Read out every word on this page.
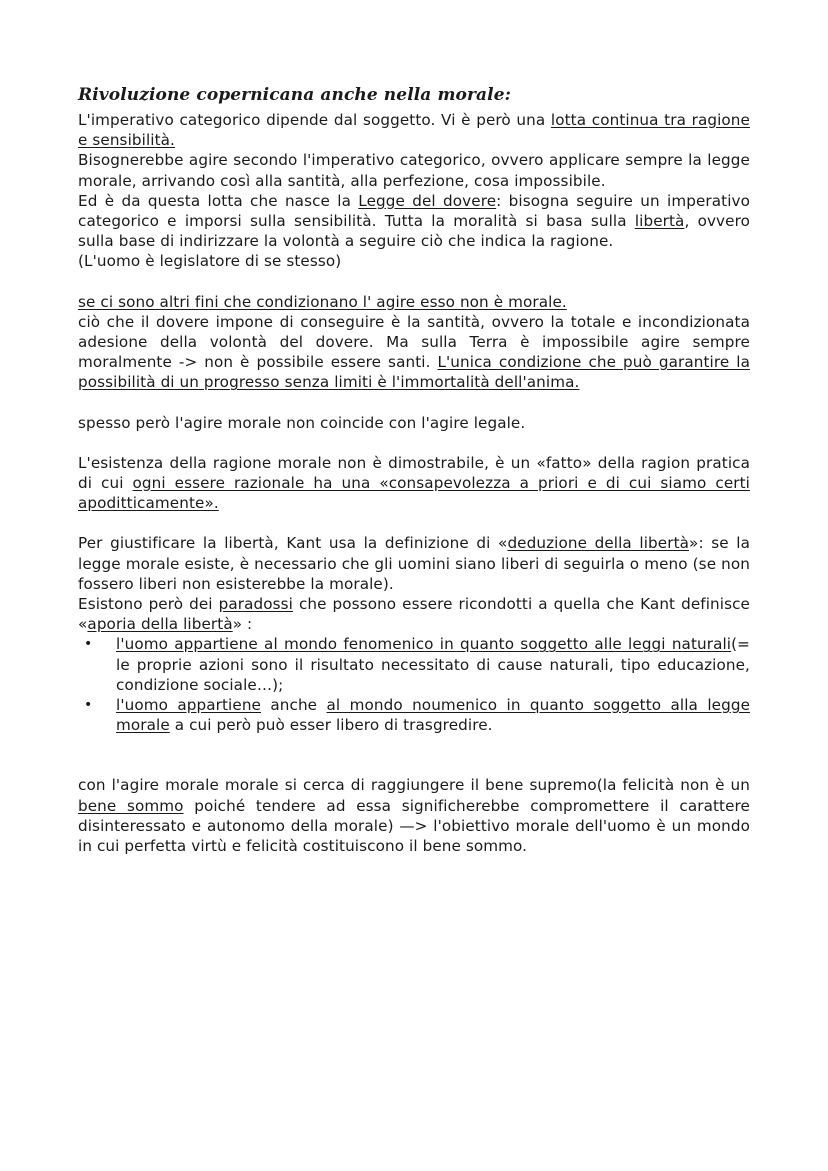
Rivoluzione copernicana anche nella morale:

L'imperativo categorico dipende dal soggetto. Vi è però una lotta continua tra ragione e sensibilità.

Bisognerebbe agire secondo l'imperativo categorico, ovvero applicare sempre la legge morale, arrivando così alla santità, alla perfezione, cosa impossibile.

Ed è da questa lotta che nasce la Legge del dovere: bisogna seguire un imperativo categorico e imporsi sulla sensibilità. Tutta la moralità si basa sulla libertà, ovvero sulla base di indirizzare la volontà a seguire ciò che indica la ragione.

(L'uomo è legislatore di se stesso)

se ci sono altri fini che condizionano l' agire esso non è morale.

ciò che il dovere impone di conseguire è la santità, ovvero la totale e incondizionata adesione della volontà del dovere. Ma sulla Terra è impossibile agire sempre moralmente -> non è possibile essere santi. L'unica condizione che può garantire la possibilità di un progresso senza limiti è l'immortalità dell'anima.

spesso però l'agire morale non coincide con l'agire legale.

L'esistenza della ragione morale non è dimostrabile, è un «fatto» della ragion pratica di cui ogni essere razionale ha una «consapevolezza a priori e di cui siamo certi apoditticamente».

Per giustificare la libertà, Kant usa la definizione di «deduzione della libertà»: se la legge morale esiste, è necessario che gli uomini siano liberi di seguirla o meno (se non fossero liberi non esisterebbe la morale).

Esistono però dei paradossi che possono essere ricondotti a quella che Kant definisce «aporia della libertà» :

• l'uomo appartiene al mondo fenomenico in quanto soggetto alle leggi naturali(= le proprie azioni sono il risultato necessitato di cause naturali, tipo educazione, condizione sociale…);
• l'uomo appartiene anche al mondo noumenico in quanto soggetto alla legge morale a cui però può esser libero di trasgredire.

con l'agire morale morale si cerca di raggiungere il bene supremo(la felicità non è un bene sommo poiché tendere ad essa significherebbe compromettere il carattere disinteressato e autonomo della morale) —> l'obiettivo morale dell'uomo è un mondo in cui perfetta virtù e felicità costituiscono il bene sommo.
